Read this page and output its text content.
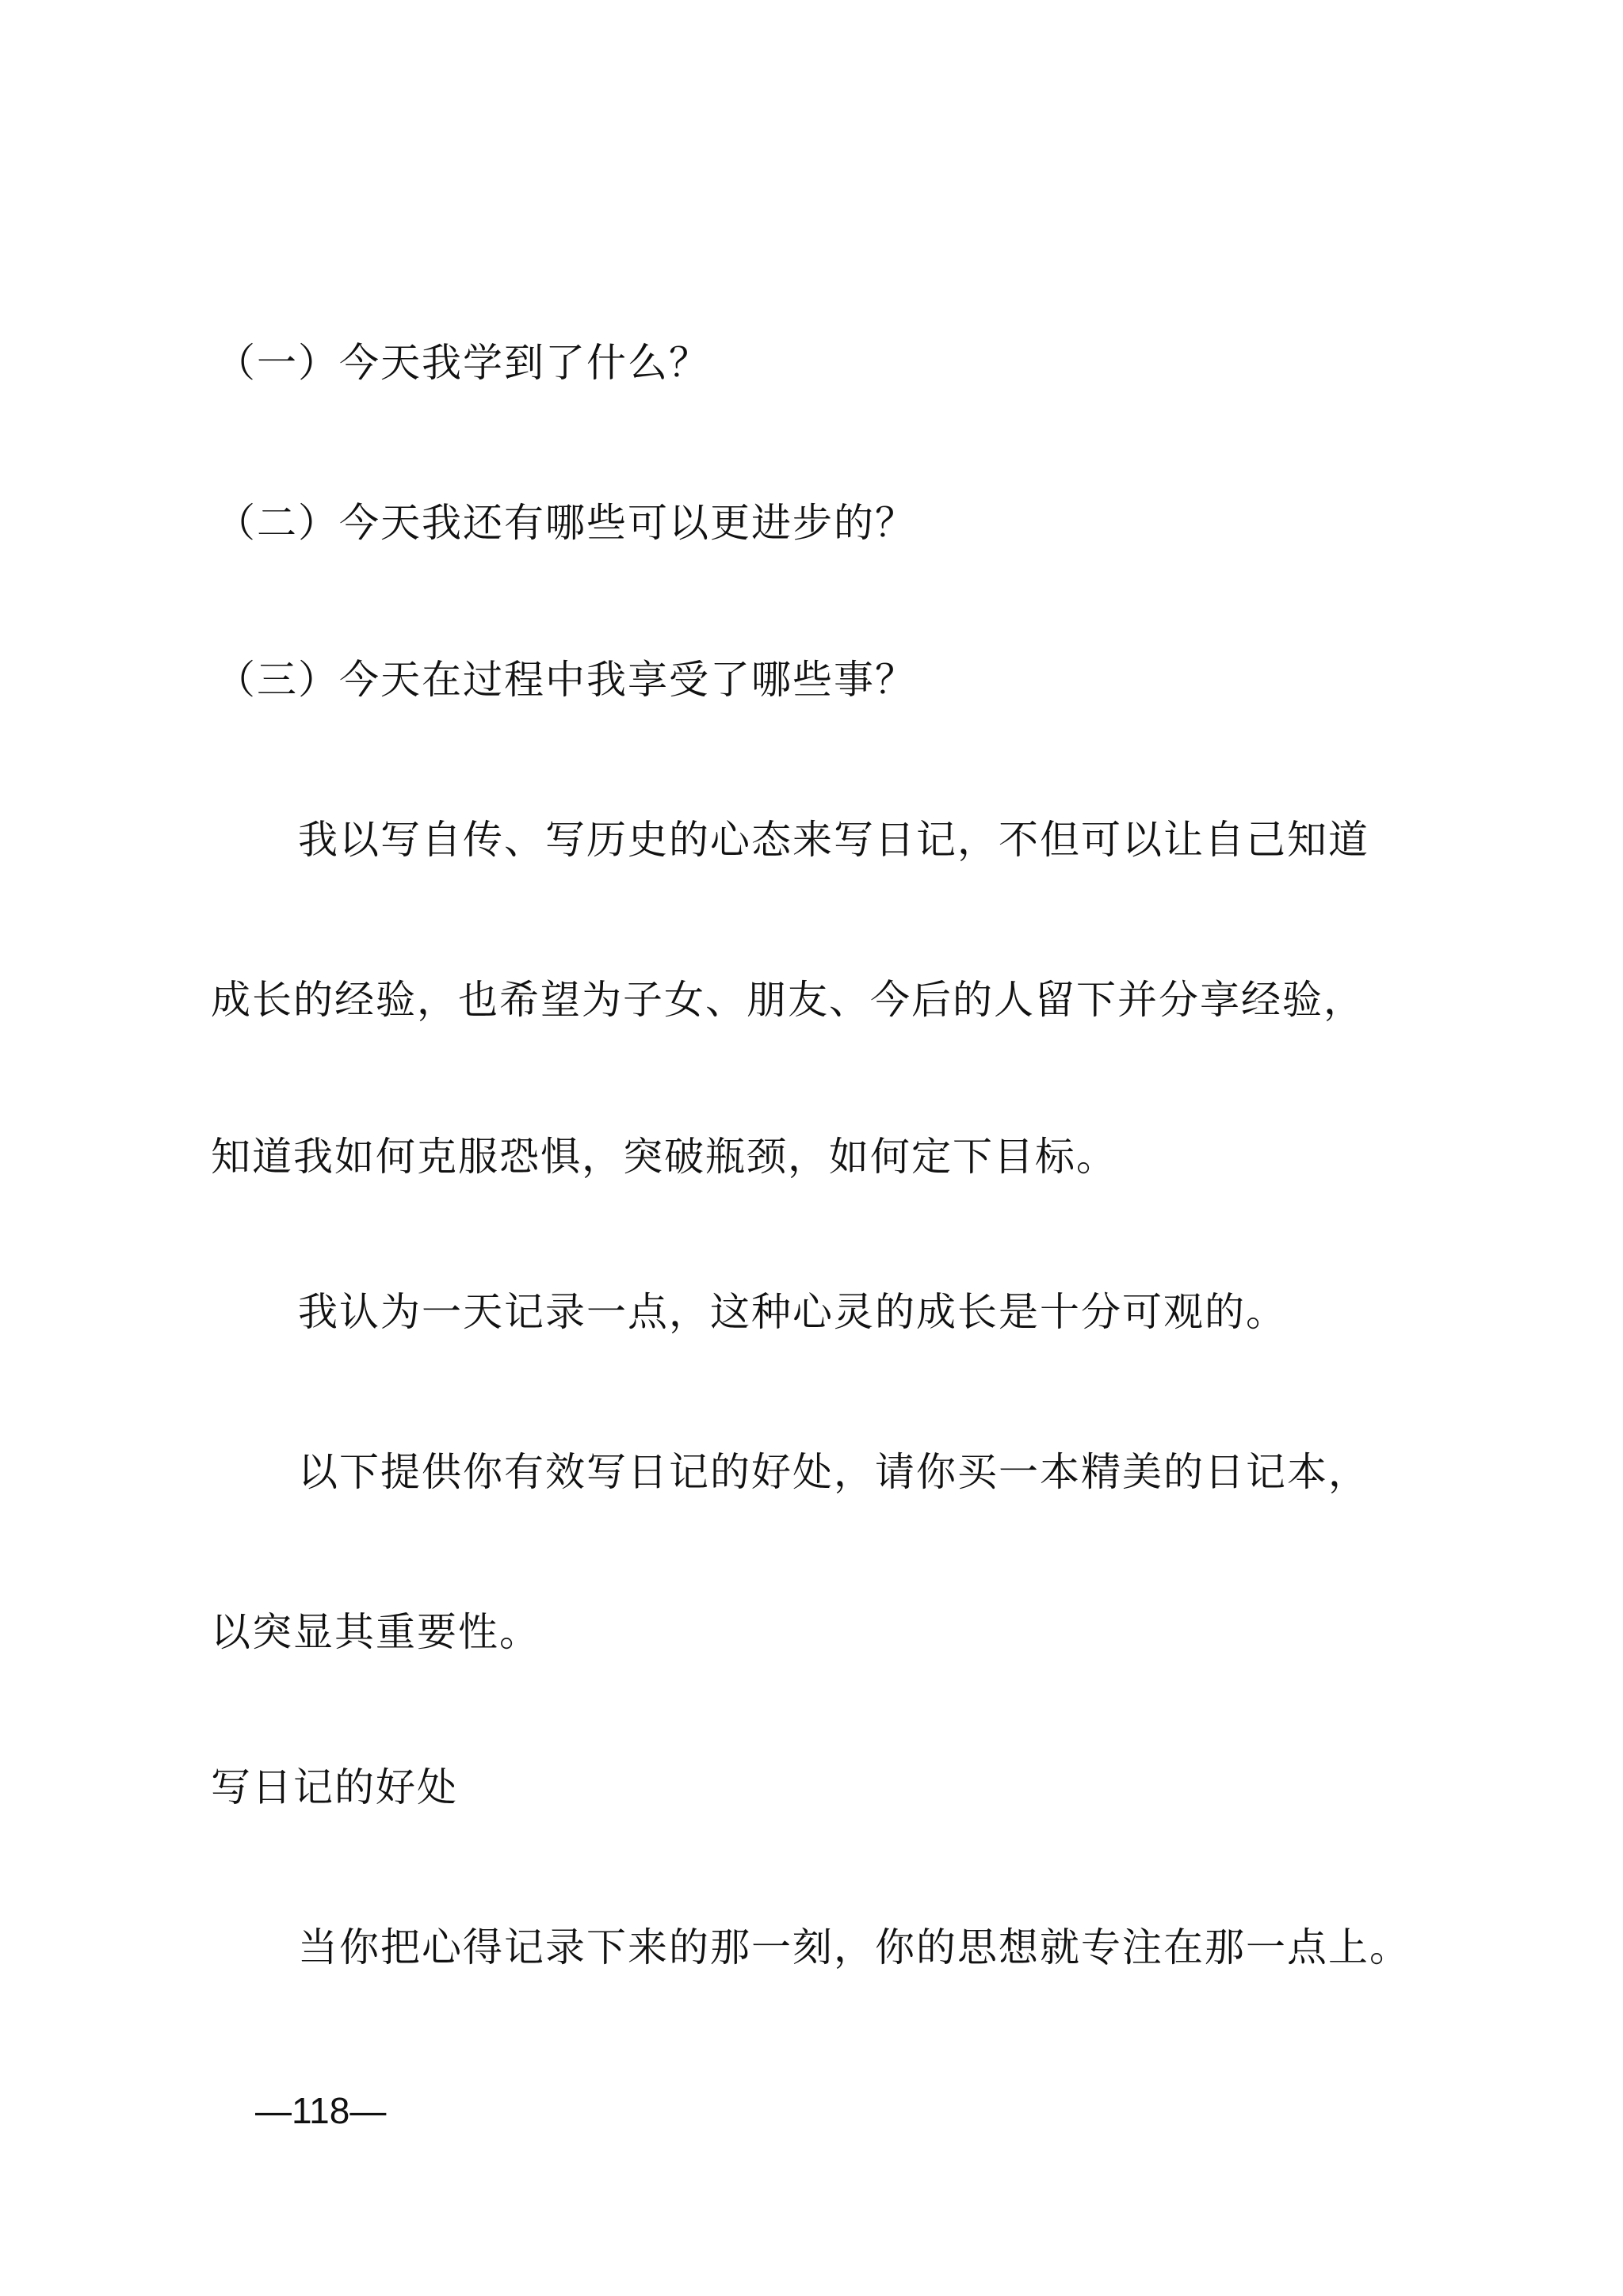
（一）今天我学到了什么？
（二）今天我还有哪些可以更进步的？
（三）今天在过程中我享受了哪些事？
我以写自传、写历史的心态来写日记，不但可以让自己知道
成长的经验，也希望为子女、朋友、今后的人留下并分享经验，
知道我如何克服恐惧，突破瓶颈，如何定下目标。
我认为一天记录一点，这种心灵的成长是十分可观的。
以下提供你有效写日记的好处，请你买一本精美的日记本，
以突显其重要性。
写日记的好处
当你把心得记录下来的那一刻，你的思想就专注在那一点上。
—118—
